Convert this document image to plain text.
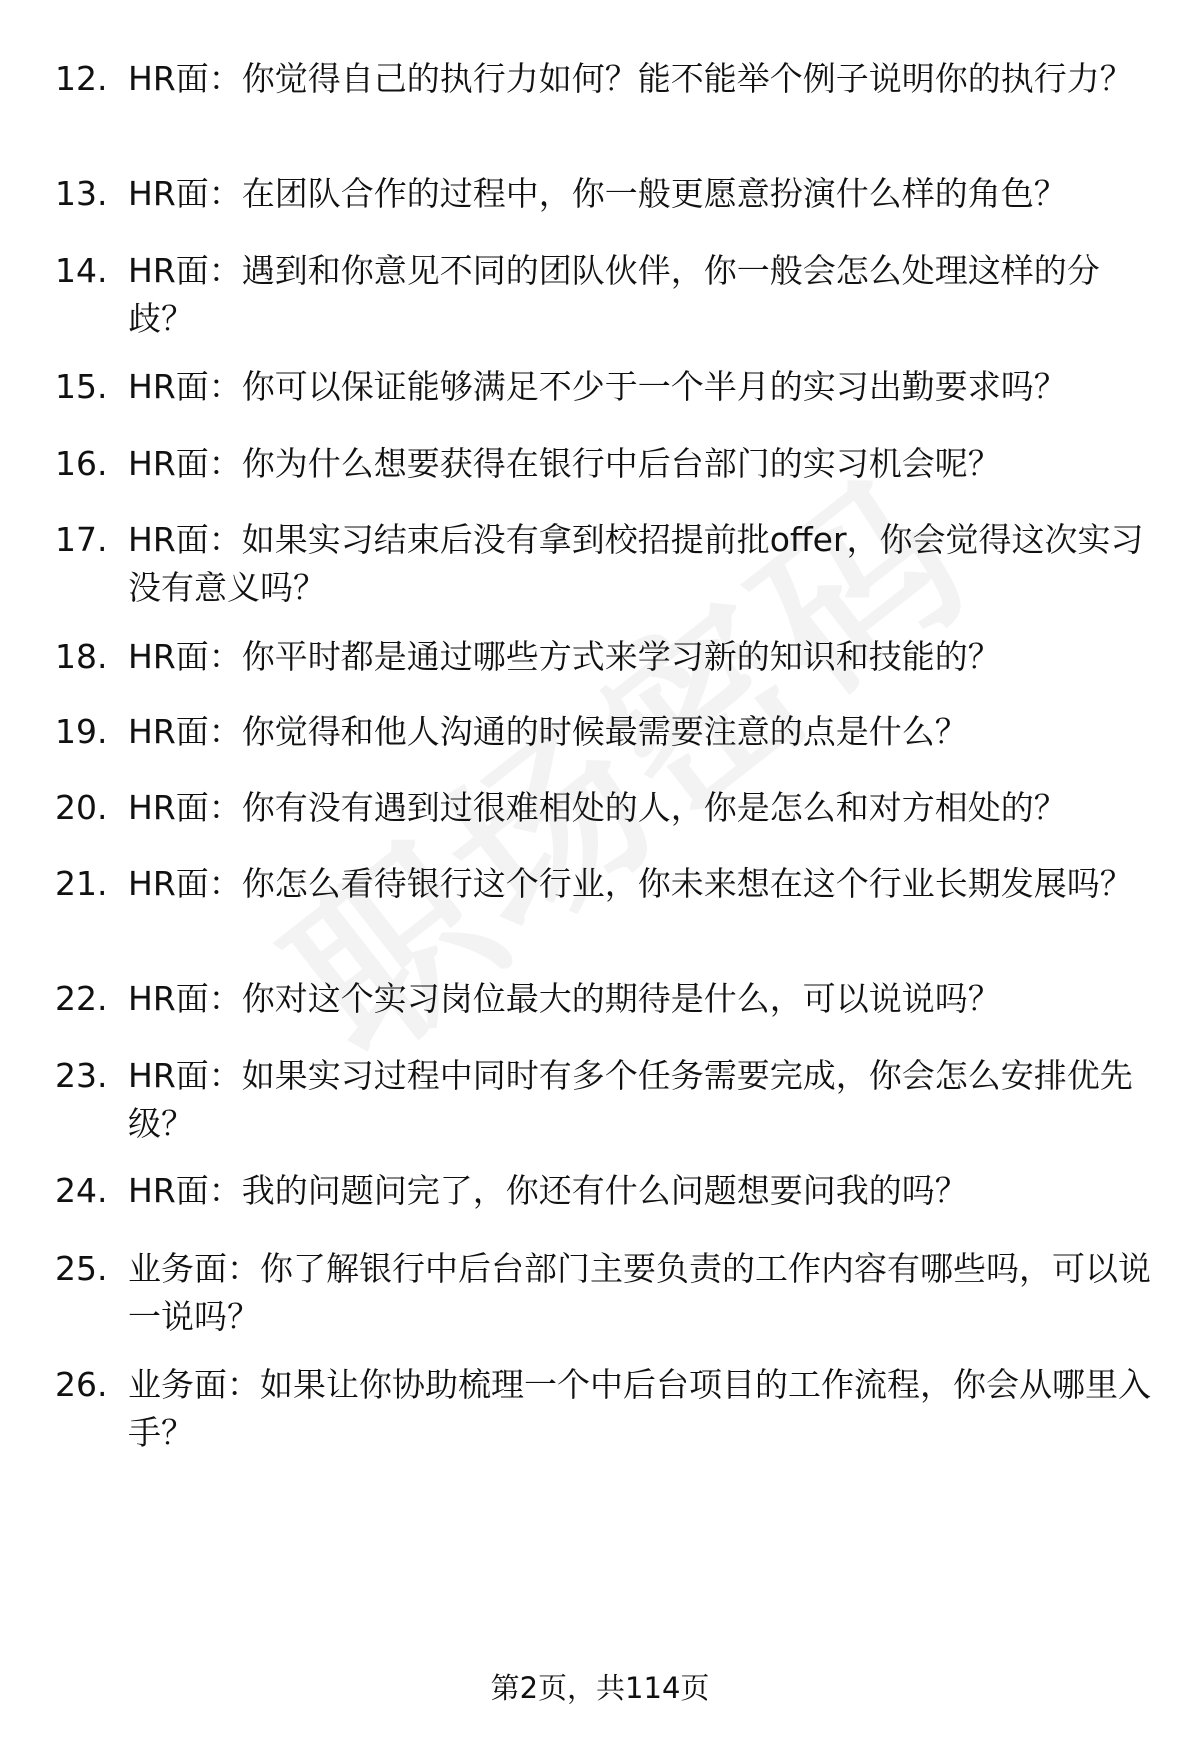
12. HR面：你觉得自己的执行力如何？能不能举个例子说明你的执行力？
13. HR面：在团队合作的过程中，你一般更愿意扮演什么样的角色？
14. HR面：遇到和你意见不同的团队伙伴，你一般会怎么处理这样的分歧？
15. HR面：你可以保证能够满足不少于一个半月的实习出勤要求吗？
16. HR面：你为什么想要获得在银行中后台部门的实习机会呢？
17. HR面：如果实习结束后没有拿到校招提前批offer，你会觉得这次实习没有意义吗？
18. HR面：你平时都是通过哪些方式来学习新的知识和技能的？
19. HR面：你觉得和他人沟通的时候最需要注意的点是什么？
20. HR面：你有没有遇到过很难相处的人，你是怎么和对方相处的？
21. HR面：你怎么看待银行这个行业，你未来想在这个行业长期发展吗？
22. HR面：你对这个实习岗位最大的期待是什么，可以说说吗？
23. HR面：如果实习过程中同时有多个任务需要完成，你会怎么安排优先级？
24. HR面：我的问题问完了，你还有什么问题想要问我的吗？
25. 业务面：你了解银行中后台部门主要负责的工作内容有哪些吗，可以说一说吗？
26. 业务面：如果让你协助梳理一个中后台项目的工作流程，你会从哪里入手？
第2页，共114页
